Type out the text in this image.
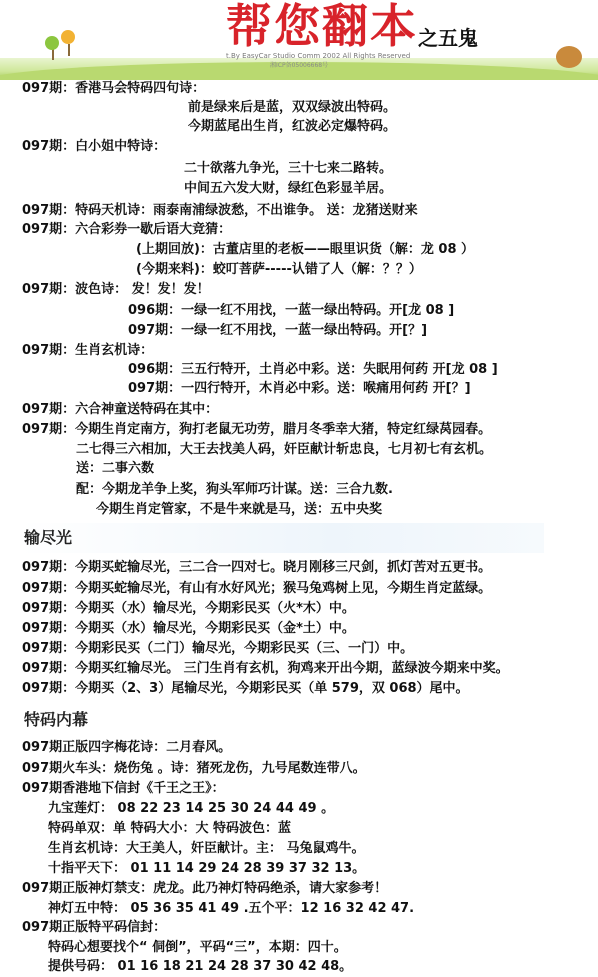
帮您翻本 之五鬼
t.By EasyCar Studio Comm 2002 All Rights Reserved
湘ICP备05006668号
097期：香港马会特码四句诗：
前是绿来后是蓝，双双绿波出特码。
今期蓝尾出生肖，红波必定爆特码。
097期：白小姐中特诗：
二十欲落九争光，三十七来二路转。
中间五六发大财，绿红色彩显羊居。
097期：特码天机诗：雨泰南浦绿波愁，不出谁争。 送：龙猪送财来
097期：六合彩券一歇后语大竞猜：
(上期回放)：古董店里的老板——眼里识货（解：龙 08 ）
(今期来料)：蛟叮菩萨-----认错了人（解：？？）
097期：波色诗： 发！发！发！
096期：一绿一红不用找，一蓝一绿出特码。开[龙 08 ]
097期：一绿一红不用找，一蓝一绿出特码。开[？]
097期：生肖玄机诗：
096期：三五行特开，土肖必中彩。送：失眠用何药 开[龙 08 ]
097期：一四行特开，木肖必中彩。送：喉痛用何药 开[？]
097期：六合神童送特码在其中：
097期：今期生肖定南方，狗打老鼠无功劳，腊月冬季幸大猪，特定红绿莴园春。
二七得三六相加，大王去找美人码，奸臣献计斩忠良，七月初七有玄机。
送：二事六数
配：今期龙羊争上奖，狗头军师巧计谋。送：三合九数.
今期生肖定管家，不是牛来就是马，送：五中央奖
输尽光
097期：今期买蛇输尽光，三二合一四对七。晓月刚移三尺剑，抓灯苦对五更书。
097期：今期买蛇输尽光，有山有水好风光；猴马兔鸡树上见，今期生肖定蓝绿。
097期：今期买（水）输尽光，今期彩民买（火*木）中。
097期：今期买（水）输尽光，今期彩民买（金*土）中。
097期：今期彩民买（二门）输尽光，今期彩民买（三、一门）中。
097期：今期买红输尽光。 三门生肖有玄机，狗鸡来开出今期，蓝绿波今期来中奖。
097期：今期买（2、3）尾输尽光，今期彩民买（单 579，双 068）尾中。
特码内幕
097期正版四字梅花诗：二月春风。
097期火车头：烧伤兔 。诗：猪死龙伤，九号尾数连带八。
097期香港地下信封《千王之王》：
九宝莲灯： 08 22 23 14 25 30 24 44 49 。
特码单双：单 特码大小：大 特码波色：蓝
生肖玄机诗：大王美人，奸臣献计。主： 马兔鼠鸡牛。
十指平天下： 01 11 14 29 24 28 39 37 32 13。
097期正版神灯禁支：虎龙。此乃神灯特码绝杀，请大家参考！
神灯五中特： 05 36 35 41 49 .五个平：12 16 32 42 47.
097期正版特平码信封：
特码心想要找个“ 侗倒”，平码“三”，本期：四十。
提供号码： 01 16 18 21 24 28 37 30 42 48。
